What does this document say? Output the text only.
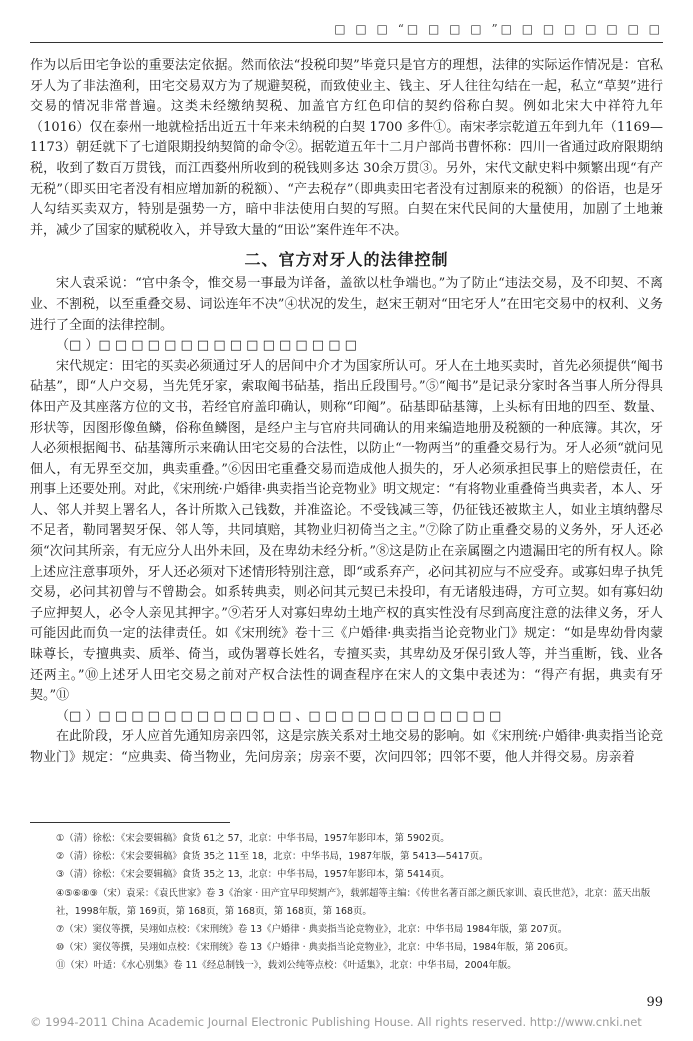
□ □ □ “□ □ □ □ ”□ □ □ □ □ □ □ □

作为以后田宅争讼的重要法定依据。然而依法“投税印契”毕竟只是官方的理想，法律的实际运作情况是：官私牙人为了非法渔利，田宅交易双方为了规避契税，而致使业主、钱主、牙人往往勾结在一起，私立“草契”进行交易的情况非常普遍。这类未经缴纳契税、加盖官方红色印信的契约俗称白契。例如北宋大中祥符九年（1016）仅在泰州一地就检括出近五十年来未纳税的白契 1700 多件①。南宋孝宗乾道五年到九年（1169—1173）朝廷就下了七道限期投纳契简的命令②。据乾道五年十二月户部尚书曹怀称：四川一省通过政府限期纳税，收到了数百万贯钱，而江西婺州所收到的税钱则多达 30余万贯③。另外，宋代文献史料中频繁出现“有产无税”（即买田宅者没有相应增加新的税额）、“产去税存”（即典卖田宅者没有过割原来的税额）的俗语，也是牙人勾结买卖双方，特别是强势一方，暗中非法使用白契的写照。白契在宋代民间的大量使用，加剧了土地兼并，减少了国家的赋税收入，并导致大量的“田讼”案件连年不决。

二、官方对牙人的法律控制

宋人袁采说：“官中条令，惟交易一事最为详备，盖欲以杜争端也。”为了防止“违法交易，及不印契、不离业、不割税，以至重叠交易、词讼连年不决”④状况的发生，赵宋王朝对“田宅牙人”在田宅交易中的权利、义务进行了全面的法律控制。

（□ ）□ □ □ □ □ □ □ □ □ □ □ □ □ □ □ □

宋代规定：田宅的买卖必须通过牙人的居间中介才为国家所认可。牙人在土地买卖时，首先必须提供“阄书砧基”，即“人户交易，当先凭牙家，索取阄书砧基，指出丘段围号。”⑤“阄书”是记录分家时各当事人所分得具体田产及其座落方位的文书，若经官府盖印确认，则称“印阄”。砧基即砧基簿，上头标有田地的四至、数量、形状等，因图形像鱼鳞，俗称鱼鳞图，是经户主与官府共同确认的用来编造地册及税额的一种底簿。其次，牙人必须根据阄书、砧基簿所示来确认田宅交易的合法性，以防止“一物两当”的重叠交易行为。牙人必须“就问见佃人，有无界至交加，典卖重叠。”⑥因田宅重叠交易而造成他人损失的，牙人必须承担民事上的赔偿责任，在刑事上还要处刑。对此，《宋刑统·户婚律·典卖指当论竞物业》明文规定：“有将物业重叠倚当典卖者，本人、牙人、邻人并契上署名人，各计所欺入己钱数，并准盗论。不受钱减三等，仍征钱还被欺主人，如业主填纳罄尽不足者，勒同署契牙保、邻人等，共同填赔，其物业归初倚当之主。”⑦除了防止重叠交易的义务外，牙人还必须“次问其所亲，有无应分人出外未回，及在卑幼未经分析。”⑧这是防止在亲属圈之内遗漏田宅的所有权人。除上述应注意事项外，牙人还必须对下述情形特别注意，即“或系弃产，必问其初应与不应受弃。或寡妇卑子执凭交易，必问其初曾与不曾勘会。如系转典卖，则必问其元契已未投印，有无诸般违碍，方可立契。如有寡妇幼子应押契人，必令人亲见其押字。”⑨若牙人对寡妇卑幼土地产权的真实性没有尽到高度注意的法律义务，牙人可能因此而负一定的法律责任。如《宋刑统》卷十三《户婚律·典卖指当论竞物业门》规定：“如是卑幼骨肉蒙昧尊长，专擅典卖、质举、倚当，或伪署尊长姓名，专擅买卖，其卑幼及牙保引致人等，并当重断，钱、业各还两主。”⑩上述牙人田宅交易之前对产权合法性的调查程序在宋人的文集中表述为：“得产有据，典卖有牙契。”⑪

（□ ）□ □ □ □ □ □ □ □ □ □ □ □ 、□ □ □ □ □ □ □ □ □ □ □ □

在此阶段，牙人应首先通知房亲四邻，这是宗族关系对土地交易的影响。如《宋刑统·户婚律·典卖指当论竞物业门》规定：“应典卖、倚当物业，先问房亲；房亲不要，次问四邻；四邻不要，他人并得交易。房亲着

①（清）徐松：《宋会要辑稿》食货 61之 57，北京：中华书局，1957年影印本，第 5902页。
②（清）徐松：《宋会要辑稿》食货 35之 11至 18，北京：中华书局，1987年版，第 5413—5417页。
③（清）徐松：《宋会要辑稿》食货 35之 13，北京：中华书局，1957年影印本，第 5414页。
④⑤⑥⑧⑨（宋）袁采：《袁氏世家》卷 3《治家 · 田产宜早印契割产》，载郭超等主编：《传世名著百部之颜氏家训、袁氏世范》，北京：蓝天出版社，1998年版，第 169页，第 168页，第 168页，第 168页，第 168页。
⑦（宋）窦仪等撰，吴翊如点校：《宋刑统》卷 13《户婚律 · 典卖指当论竞物业》，北京：中华书局 1984年版，第 207页。
⑩（宋）窦仪等撰，吴翊如点校：《宋刑统》卷 13《户婚律 · 典卖指当论竞物业》，北京：中华书局，1984年版，第 206页。
⑪（宋）叶适：《水心别集》卷 11《经总制钱一》，载刘公纯等点校：《叶适集》，北京：中华书局，2004年版。
99
© 1994-2011 China Academic Journal Electronic Publishing House. All rights reserved. http://www.cnki.net
